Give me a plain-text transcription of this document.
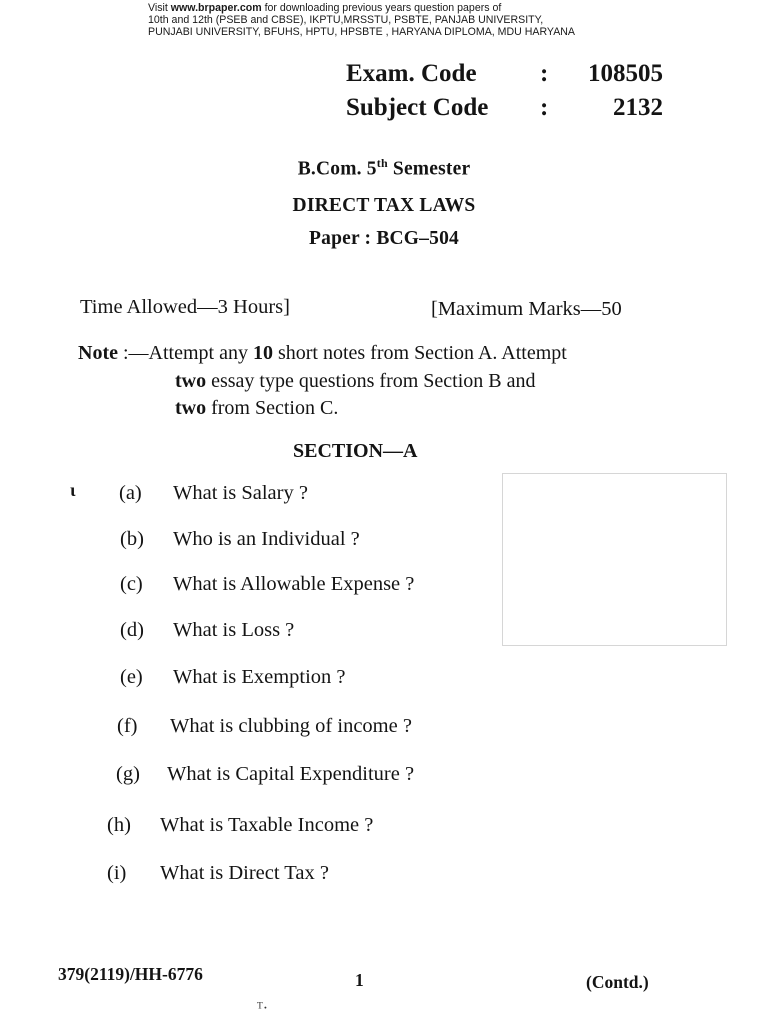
Visit www.brpaper.com for downloading previous years question papers of
10th and 12th (PSEB and CBSE), IKPTU,MRSSTU, PSBTE, PANJAB UNIVERSITY,
PUNJABI UNIVERSITY, BFUHS, HPTU, HPSBTE , HARYANA DIPLOMA, MDU HARYANA
Exam. Code	:	108505
Subject Code :	2132
B.Com. 5th Semester
DIRECT TAX LAWS
Paper : BCG–504
Time Allowed—3 Hours]	[Maximum Marks—50
Note :—Attempt any 10 short notes from Section A. Attempt
two essay type questions from Section B and
two from Section C.
SECTION—A
ι (a) What is Salary ?
(b) Who is an Individual ?
(c) What is Allowable Expense ?
(d) What is Loss ?
(e) What is Exemption ?
(f) What is clubbing of income ?
(g) What is Capital Expenditure ?
(h) What is Taxable Income ?
(i) What is Direct Tax ?
379(2119)/HH-6776	1	(Contd.)
ᵀ·
